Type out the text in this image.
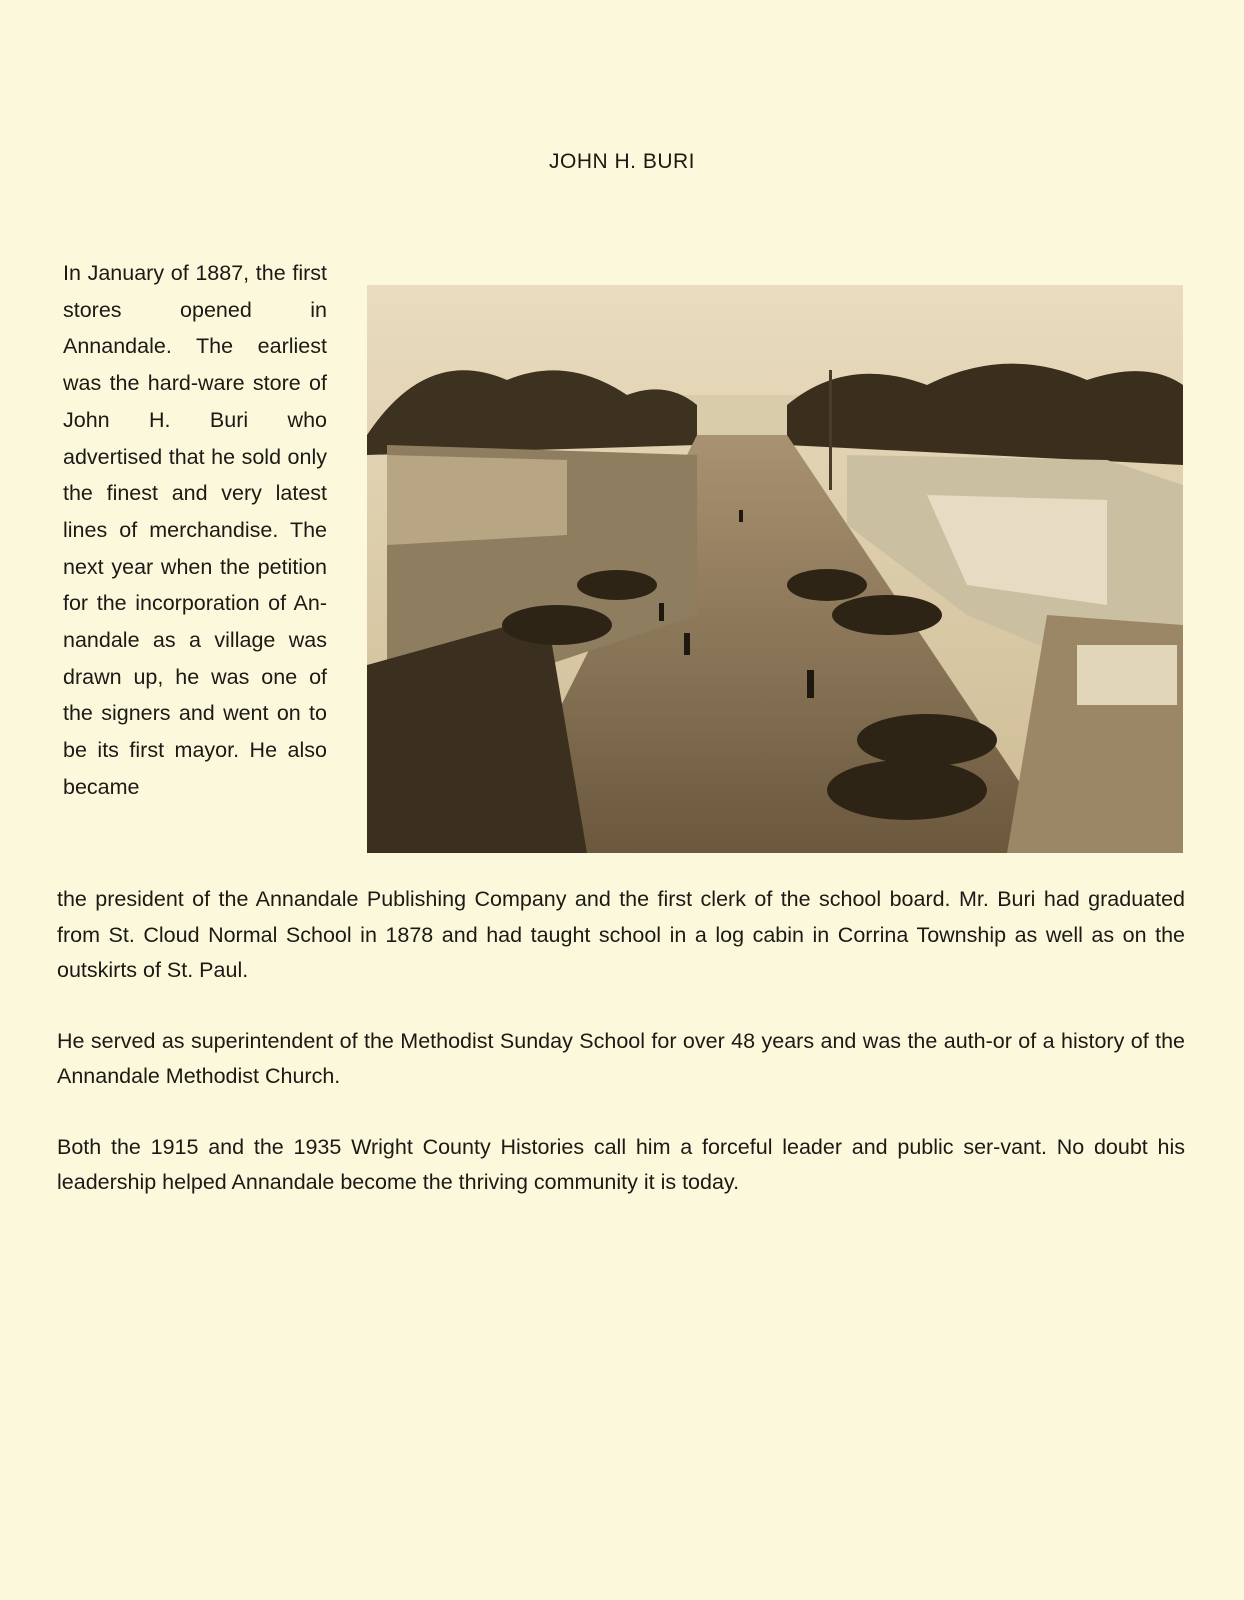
JOHN H. BURI

In January of 1887, the first stores opened in Annandale. The earliest was the hard-ware store of John H. Buri who advertised that he sold only the finest and very latest lines of merchandise. The next year when the petition for the incorporation of An-nandale as a village was drawn up, he was one of the signers and went on to be its first mayor. He also became

the president of the Annandale Publishing Company and the first clerk of the school board. Mr. Buri had graduated from St. Cloud Normal School in 1878 and had taught school in a log cabin in Corrina Township as well as on the outskirts of St. Paul.

He served as superintendent of the Methodist Sunday School for over 48 years and was the auth-or of a history of the Annandale Methodist Church.

Both the 1915 and the 1935 Wright County Histories call him a forceful leader and public ser-vant. No doubt his leadership helped Annandale become the thriving community it is today.
